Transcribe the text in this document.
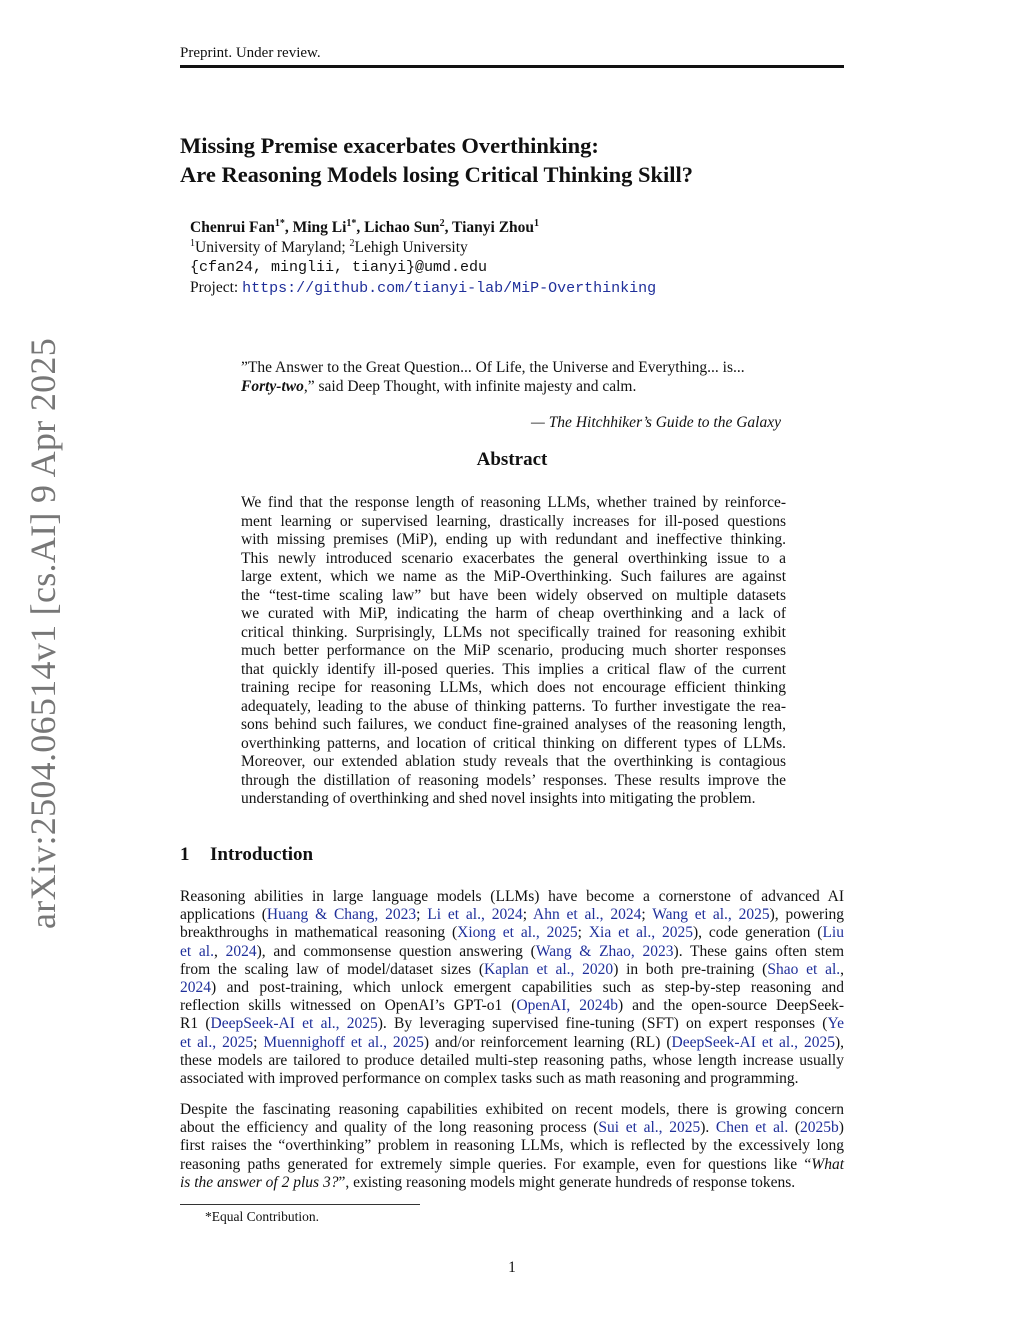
Preprint. Under review.
arXiv:2504.06514v1 [cs.AI] 9 Apr 2025
Missing Premise exacerbates Overthinking:
Are Reasoning Models losing Critical Thinking Skill?
Chenrui Fan$^{1*}$, Ming $Li^{1*}$, Lichao Sun$^2$, Tianyi Zhou$^1$
$^1$University of Maryland; $^2$Lehigh University
{cfan24, minglii, tianyi}@umd.edu
Project: https://github.com/tianyi-lab/MiP-Overthinking
”The Answer to the Great Question... Of Life, the Universe and Everything... is...
Forty-two,” said Deep Thought, with infinite majesty and calm.
— The Hitchhiker’s Guide to the Galaxy
Abstract
We find that the response length of reasoning LLMs, whether trained by reinforce-
ment learning or supervised learning, drastically increases for ill-posed questions
with missing premises (MiP), ending up with redundant and ineffective thinking.
This newly introduced scenario exacerbates the general overthinking issue to a
large extent, which we name as the MiP-Overthinking. Such failures are against
the “test-time scaling law” but have been widely observed on multiple datasets
we curated with MiP, indicating the harm of cheap overthinking and a lack of
critical thinking. Surprisingly, LLMs not specifically trained for reasoning exhibit
much better performance on the MiP scenario, producing much shorter responses
that quickly identify ill-posed queries. This implies a critical flaw of the current
training recipe for reasoning LLMs, which does not encourage efficient thinking
adequately, leading to the abuse of thinking patterns. To further investigate the rea-
sons behind such failures, we conduct fine-grained analyses of the reasoning length,
overthinking patterns, and location of critical thinking on different types of LLMs.
Moreover, our extended ablation study reveals that the overthinking is contagious
through the distillation of reasoning models’ responses. These results improve the
understanding of overthinking and shed novel insights into mitigating the problem.
1 Introduction
Reasoning abilities in large language models (LLMs) have become a cornerstone of advanced AI
applications (Huang & Chang, 2023; Li et al., 2024; Ahn et al., 2024; Wang et al., 2025), powering
breakthroughs in mathematical reasoning (Xiong et al., 2025; Xia et al., 2025), code generation (Liu
et al., 2024), and commonsense question answering (Wang & Zhao, 2023). These gains often stem
from the scaling law of model/dataset sizes (Kaplan et al., 2020) in both pre-training (Shao et al.,
2024) and post-training, which unlock emergent capabilities such as step-by-step reasoning and
reflection skills witnessed on OpenAI’s GPT-o1 (OpenAI, 2024b) and the open-source DeepSeek-
R1 (DeepSeek-AI et al., 2025). By leveraging supervised fine-tuning (SFT) on expert responses (Ye
et al., 2025; Muennighoff et al., 2025) and/or reinforcement learning (RL) (DeepSeek-AI et al., 2025),
these models are tailored to produce detailed multi-step reasoning paths, whose length increase usually
associated with improved performance on complex tasks such as math reasoning and programming.
Despite the fascinating reasoning capabilities exhibited on recent models, there is growing concern
about the efficiency and quality of the long reasoning process (Sui et al., 2025). Chen et al. (2025b)
first raises the “overthinking” problem in reasoning LLMs, which is reflected by the excessively long
reasoning paths generated for extremely simple queries. For example, even for questions like “What
is the answer of 2 plus 3?”, existing reasoning models might generate hundreds of response tokens.
*Equal Contribution.
1
